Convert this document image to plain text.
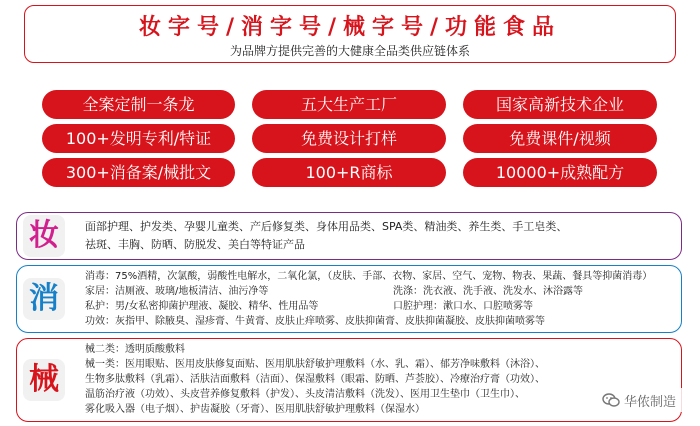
妆字号/消字号/械字号/功能食品
为品牌方提供完善的大健康全品类供应链体系
全案定制一条龙	五大生产工厂	国家高新技术企业
100+发明专利/特证	免费设计打样	免费课件/视频
300+消备案/械批文	100+R商标	10000+成熟配方
妆	面部护理、护发类、孕婴儿童类、产后修复类、身体用品类、SPA类、精油类、养生类、手工皂类、
祛斑、丰胸、防晒、防脱发、美白等特证产品
消
消毒：75%酒精，次氯酸，弱酸性电解水，二氧化氯，（皮肤、手部、衣物、家居、空气、宠物、物表、果蔬、餐具等抑菌消毒）
家居：洁厕液、玻璃/地板清洁、油污净等	洗涤：洗衣液、洗手液、洗发水、沐浴露等
私护：男/女私密抑菌护理液、凝胶、精华、性用品等	口腔护理：漱口水、口腔喷雾等
功效：灰指甲、除腋臭、湿疹膏、牛黄膏、皮肤止痒喷雾、皮肤抑菌膏、皮肤抑菌凝胶、皮肤抑菌喷雾等
械
械二类：透明质酸敷料
械一类：医用眼贴、医用皮肤修复面贴、医用肌肤舒敏护理敷料（水、乳、霜）、郁芳净味敷料（沐浴）、
生物多肽敷料（乳霜）、活肤洁面敷料（洁面）、保湿敷料（眼霜、防晒、芦荟胶）、冷療治疗膏（功效）、
温筋治疗液（功效）、头皮营养修复敷料（护发）、头皮清洁敷料（洗发）、医用卫生垫巾（卫生巾）、
雾化吸入器（电子烟）、护齿凝胶（牙膏）、医用肌肤舒敏护理敷料（保湿水）	华侬制造
